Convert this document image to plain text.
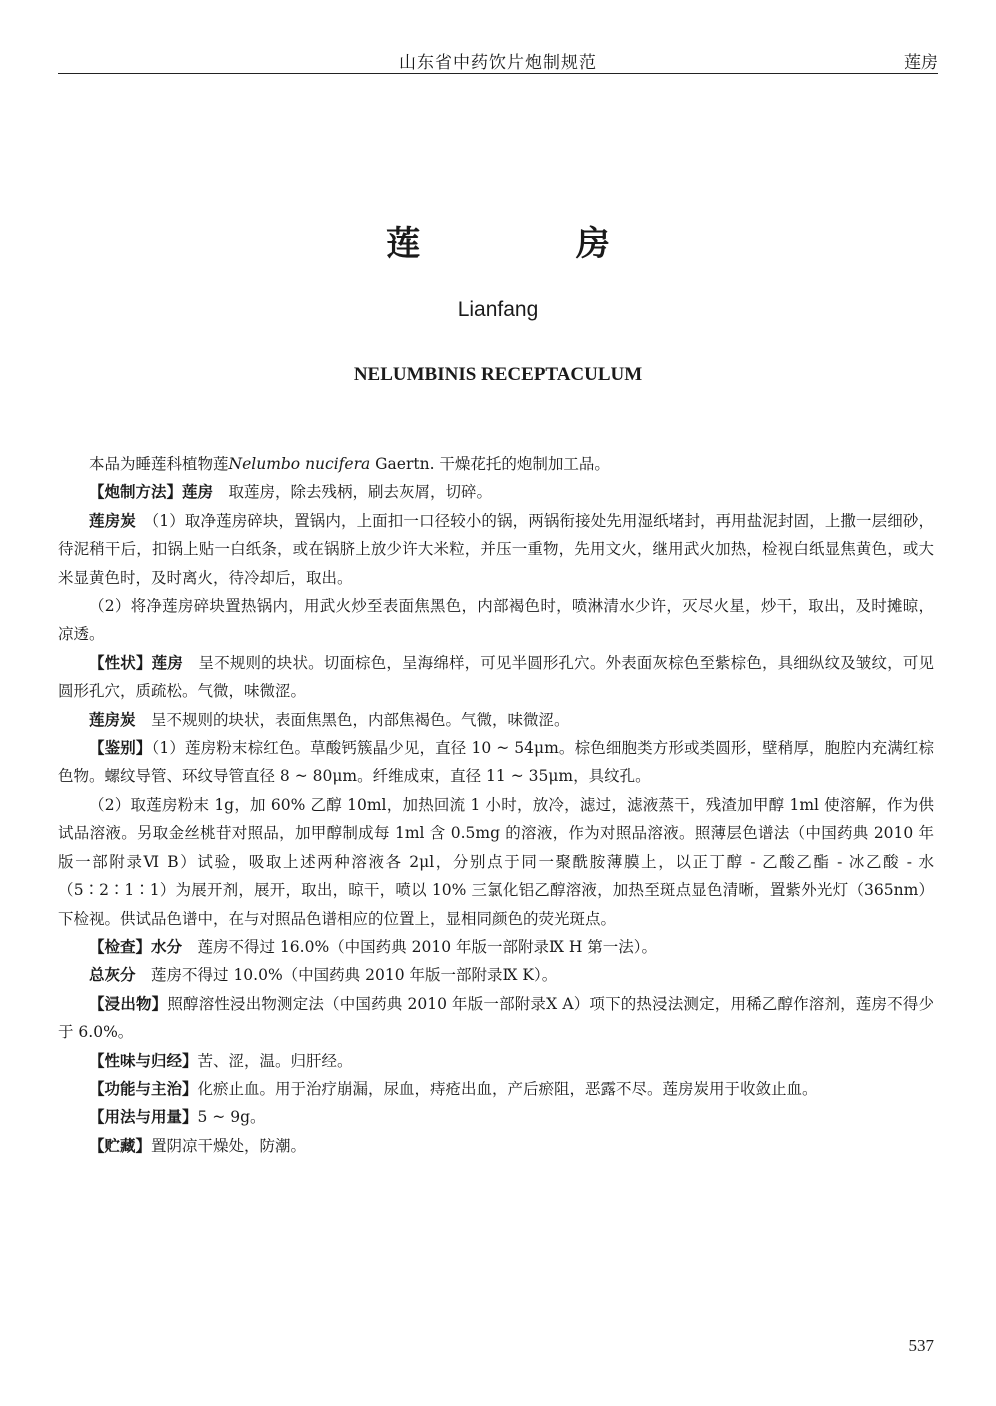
山东省中药饮片炮制规范	莲房
莲 房
Lianfang
NELUMBINIS RECEPTACULUM

本品为睡莲科植物莲Nelumbo nucifera Gaertn. 干燥花托的炮制加工品。

【炮制方法】莲房　取莲房，除去残柄，刷去灰屑，切碎。

莲房炭　（1）取净莲房碎块，置锅内，上面扣一口径较小的锅，两锅衔接处先用湿纸堵封，再用盐泥封固，上撒一层细砂，待泥稍干后，扣锅上贴一白纸条，或在锅脐上放少许大米粒，并压一重物，先用文火，继用武火加热，检视白纸显焦黄色，或大米显黄色时，及时离火，待冷却后，取出。

（2）将净莲房碎块置热锅内，用武火炒至表面焦黑色，内部褐色时，喷淋清水少许，灭尽火星，炒干，取出，及时摊晾，凉透。

【性状】莲房　呈不规则的块状。切面棕色，呈海绵样，可见半圆形孔穴。外表面灰棕色至紫棕色，具细纵纹及皱纹，可见圆形孔穴，质疏松。气微，味微涩。

莲房炭　呈不规则的块状，表面焦黑色，内部焦褐色。气微，味微涩。

【鉴别】（1）莲房粉末棕红色。草酸钙簇晶少见，直径 10 ~ 54μm。棕色细胞类方形或类圆形，壁稍厚，胞腔内充满红棕色物。螺纹导管、环纹导管直径 8 ~ 80μm。纤维成束，直径 11 ~ 35μm，具纹孔。

（2）取莲房粉末 1g，加 60% 乙醇 10ml，加热回流 1 小时，放冷，滤过，滤液蒸干，残渣加甲醇 1ml 使溶解，作为供试品溶液。另取金丝桃苷对照品，加甲醇制成每 1ml 含 0.5mg 的溶液，作为对照品溶液。照薄层色谱法（中国药典 2010 年版一部附录Ⅵ B）试验，吸取上述两种溶液各 2μl，分别点于同一聚酰胺薄膜上，以正丁醇 - 乙酸乙酯 - 冰乙酸 - 水（5∶2∶1∶1）为展开剂，展开，取出，晾干，喷以 10% 三氯化铝乙醇溶液，加热至斑点显色清晰，置紫外光灯（365nm）下检视。供试品色谱中，在与对照品色谱相应的位置上，显相同颜色的荧光斑点。

【检查】水分　莲房不得过 16.0%（中国药典 2010 年版一部附录Ⅸ H 第一法）。

总灰分　莲房不得过 10.0%（中国药典 2010 年版一部附录Ⅸ K）。

【浸出物】照醇溶性浸出物测定法（中国药典 2010 年版一部附录Ⅹ A）项下的热浸法测定，用稀乙醇作溶剂，莲房不得少于 6.0%。

【性味与归经】苦、涩，温。归肝经。

【功能与主治】化瘀止血。用于治疗崩漏，尿血，痔疮出血，产后瘀阻，恶露不尽。莲房炭用于收敛止血。

【用法与用量】5 ~ 9g。

【贮藏】置阴凉干燥处，防潮。

537
